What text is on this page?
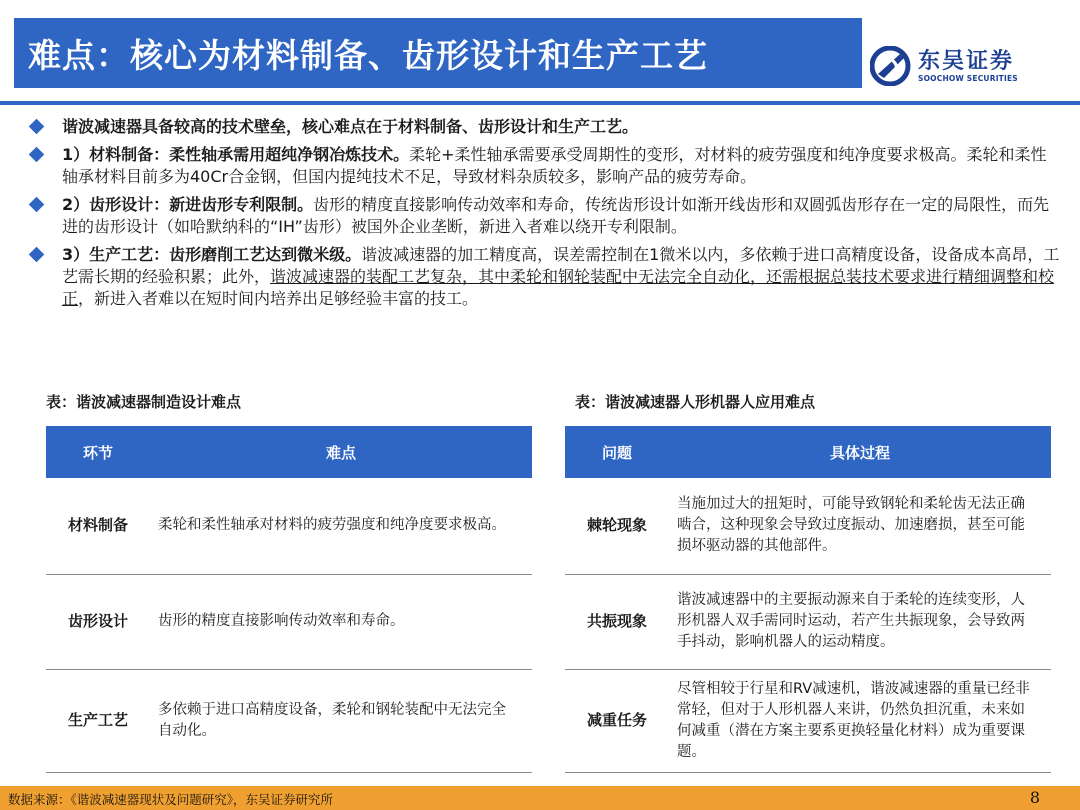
难点：核心为材料制备、齿形设计和生产工艺	东吴证券
SOOCHOW SECURITIES
谐波减速器具备较高的技术壁垒，核心难点在于材料制备、齿形设计和生产工艺。
1）材料制备：柔性轴承需用超纯净钢冶炼技术。柔轮+柔性轴承需要承受周期性的变形，对材料的疲劳强度和纯净度要求极高。柔轮和柔性轴承材料目前多为40Cr合金钢，但国内提纯技术不足，导致材料杂质较多，影响产品的疲劳寿命。
2）齿形设计：新进齿形专利限制。齿形的精度直接影响传动效率和寿命，传统齿形设计如渐开线齿形和双圆弧齿形存在一定的局限性，而先进的齿形设计（如哈默纳科的“IH”齿形）被国外企业垄断，新进入者难以绕开专利限制。
3）生产工艺：齿形磨削工艺达到微米级。谐波减速器的加工精度高，误差需控制在1微米以内，多依赖于进口高精度设备，设备成本高昂，工艺需长期的经验积累；此外，谐波减速器的装配工艺复杂，其中柔轮和钢轮装配中无法完全自动化，还需根据总装技术要求进行精细调整和校正，新进入者难以在短时间内培养出足够经验丰富的技工。
表：谐波减速器制造设计难点	表：谐波减速器人形机器人应用难点
环节	难点
材料制备	柔轮和柔性轴承对材料的疲劳强度和纯净度要求极高。
齿形设计	齿形的精度直接影响传动效率和寿命。
生产工艺	多依赖于进口高精度设备，柔轮和钢轮装配中无法完全自动化。
问题	具体过程
棘轮现象	当施加过大的扭矩时，可能导致钢轮和柔轮齿无法正确啮合，这种现象会导致过度振动、加速磨损，甚至可能损坏驱动器的其他部件。
共振现象	谐波减速器中的主要振动源来自于柔轮的连续变形，人形机器人双手需同时运动，若产生共振现象，会导致两手抖动，影响机器人的运动精度。
减重任务	尽管相较于行星和RV减速机，谐波减速器的重量已经非常轻，但对于人形机器人来讲，仍然负担沉重，未来如何减重（潜在方案主要系更换轻量化材料）成为重要课题。
数据来源：《谐波减速器现状及问题研究》，东吴证券研究所	8
